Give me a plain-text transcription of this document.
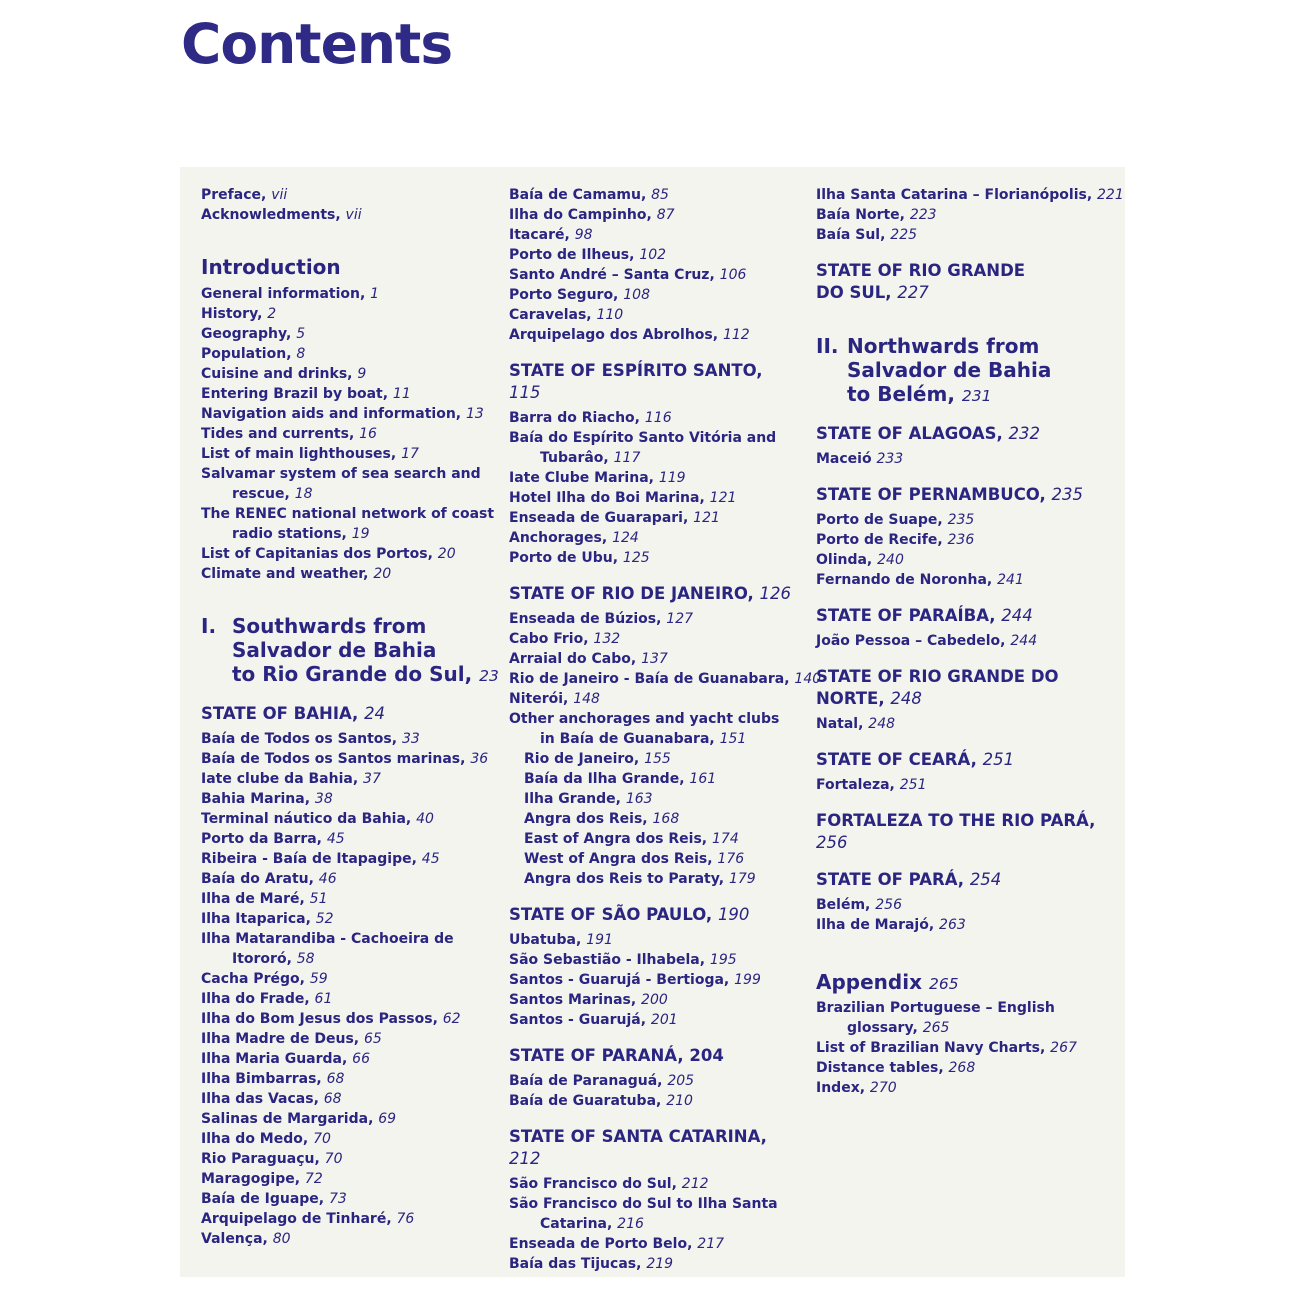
Contents
Preface, vii
Acknowledments, vii
Introduction
General information, 1
History, 2
Geography, 5
Population, 8
Cuisine and drinks, 9
Entering Brazil by boat, 11
Navigation aids and information, 13
Tides and currents, 16
List of main lighthouses, 17
Salvamar system of sea search and
rescue, 18
The RENEC national network of coast
radio stations, 19
List of Capitanias dos Portos, 20
Climate and weather, 20
I. Southwards from
Salvador de Bahia
to Rio Grande do Sul, 23
STATE OF BAHIA, 24
Baía de Todos os Santos, 33
Baía de Todos os Santos marinas, 36
Iate clube da Bahia, 37
Bahia Marina, 38
Terminal náutico da Bahia, 40
Porto da Barra, 45
Ribeira - Baía de Itapagipe, 45
Baía do Aratu, 46
Ilha de Maré, 51
Ilha Itaparica, 52
Ilha Matarandiba - Cachoeira de
Itororó, 58
Cacha Prégo, 59
Ilha do Frade, 61
Ilha do Bom Jesus dos Passos, 62
Ilha Madre de Deus, 65
Ilha Maria Guarda, 66
Ilha Bimbarras, 68
Ilha das Vacas, 68
Salinas de Margarida, 69
Ilha do Medo, 70
Rio Paraguaçu, 70
Maragogipe, 72
Baía de Iguape, 73
Arquipelago de Tinharé, 76
Valença, 80
Baía de Camamu, 85
Ilha do Campinho, 87
Itacaré, 98
Porto de Ilheus, 102
Santo André – Santa Cruz, 106
Porto Seguro, 108
Caravelas, 110
Arquipelago dos Abrolhos, 112
STATE OF ESPÍRITO SANTO, 115
Barra do Riacho, 116
Baía do Espírito Santo Vitória and
Tubarâo, 117
Iate Clube Marina, 119
Hotel Ilha do Boi Marina, 121
Enseada de Guarapari, 121
Anchorages, 124
Porto de Ubu, 125
STATE OF RIO DE JANEIRO, 126
Enseada de Búzios, 127
Cabo Frio, 132
Arraial do Cabo, 137
Rio de Janeiro - Baía de Guanabara, 140
Niterói, 148
Other anchorages and yacht clubs
in Baía de Guanabara, 151
Rio de Janeiro, 155
Baía da Ilha Grande, 161
Ilha Grande, 163
Angra dos Reis, 168
East of Angra dos Reis, 174
West of Angra dos Reis, 176
Angra dos Reis to Paraty, 179
STATE OF SÃO PAULO, 190
Ubatuba, 191
São Sebastião - Ilhabela, 195
Santos - Guarujá - Bertioga, 199
Santos Marinas, 200
Santos - Guarujá, 201
STATE OF PARANÁ, 204
Baía de Paranaguá, 205
Baía de Guaratuba, 210
STATE OF SANTA CATARINA, 212
São Francisco do Sul, 212
São Francisco do Sul to Ilha Santa
Catarina, 216
Enseada de Porto Belo, 217
Baía das Tijucas, 219
Ilha Santa Catarina – Florianópolis, 221
Baía Norte, 223
Baía Sul, 225
STATE OF RIO GRANDE
DO SUL, 227
II. Northwards from
Salvador de Bahia
to Belém, 231
STATE OF ALAGOAS, 232
Maceió 233
STATE OF PERNAMBUCO, 235
Porto de Suape, 235
Porto de Recife, 236
Olinda, 240
Fernando de Noronha, 241
STATE OF PARAÍBA, 244
João Pessoa – Cabedelo, 244
STATE OF RIO GRANDE DO
NORTE, 248
Natal, 248
STATE OF CEARÁ, 251
Fortaleza, 251
FORTALEZA TO THE RIO PARÁ, 256
STATE OF PARÁ, 254
Belém, 256
Ilha de Marajó, 263
Appendix 265
Brazilian Portuguese – English
glossary, 265
List of Brazilian Navy Charts, 267
Distance tables, 268
Index, 270
